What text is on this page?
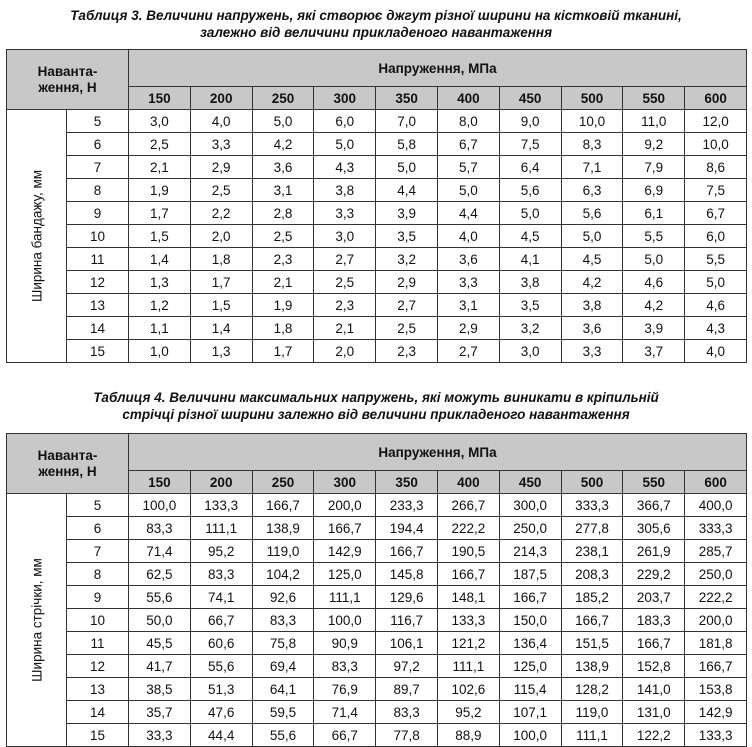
Таблиця 3. Величини напружень, які створює джгут різної ширини на кістковій тканині,
залежно від величини прикладеного навантаження
Наванта-
ження, Н		Напруження, МПа									
		150	200	250	300	350	400	450	500	550	600

Ширина бандажу, мм	5	3,0	4,0	5,0	6,0	7,0	8,0	9,0	10,0	11,0	12,0
	6	2,5	3,3	4,2	5,0	5,8	6,7	7,5	8,3	9,2	10,0
	7	2,1	2,9	3,6	4,3	5,0	5,7	6,4	7,1	7,9	8,6
	8	1,9	2,5	3,1	3,8	4,4	5,0	5,6	6,3	6,9	7,5
	9	1,7	2,2	2,8	3,3	3,9	4,4	5,0	5,6	6,1	6,7
	10	1,5	2,0	2,5	3,0	3,5	4,0	4,5	5,0	5,5	6,0
	11	1,4	1,8	2,3	2,7	3,2	3,6	4,1	4,5	5,0	5,5
	12	1,3	1,7	2,1	2,5	2,9	3,3	3,8	4,2	4,6	5,0
	13	1,2	1,5	1,9	2,3	2,7	3,1	3,5	3,8	4,2	4,6
	14	1,1	1,4	1,8	2,1	2,5	2,9	3,2	3,6	3,9	4,3
	15	1,0	1,3	1,7	2,0	2,3	2,7	3,0	3,3	3,7	4,0
Таблиця 4. Величини максимальних напружень, які можуть виникати в кріпильній
стрічці різної ширини залежно від величини прикладеного навантаження
Наванта-
ження, Н		Напруження, МПа									
		150	200	250	300	350	400	450	500	550	600

Ширина стрічки, мм	5	100,0	133,3	166,7	200,0	233,3	266,7	300,0	333,3	366,7	400,0
	6	83,3	111,1	138,9	166,7	194,4	222,2	250,0	277,8	305,6	333,3
	7	71,4	95,2	119,0	142,9	166,7	190,5	214,3	238,1	261,9	285,7
	8	62,5	83,3	104,2	125,0	145,8	166,7	187,5	208,3	229,2	250,0
	9	55,6	74,1	92,6	111,1	129,6	148,1	166,7	185,2	203,7	222,2
	10	50,0	66,7	83,3	100,0	116,7	133,3	150,0	166,7	183,3	200,0
	11	45,5	60,6	75,8	90,9	106,1	121,2	136,4	151,5	166,7	181,8
	12	41,7	55,6	69,4	83,3	97,2	111,1	125,0	138,9	152,8	166,7
	13	38,5	51,3	64,1	76,9	89,7	102,6	115,4	128,2	141,0	153,8
	14	35,7	47,6	59,5	71,4	83,3	95,2	107,1	119,0	131,0	142,9
	15	33,3	44,4	55,6	66,7	77,8	88,9	100,0	111,1	122,2	133,3
